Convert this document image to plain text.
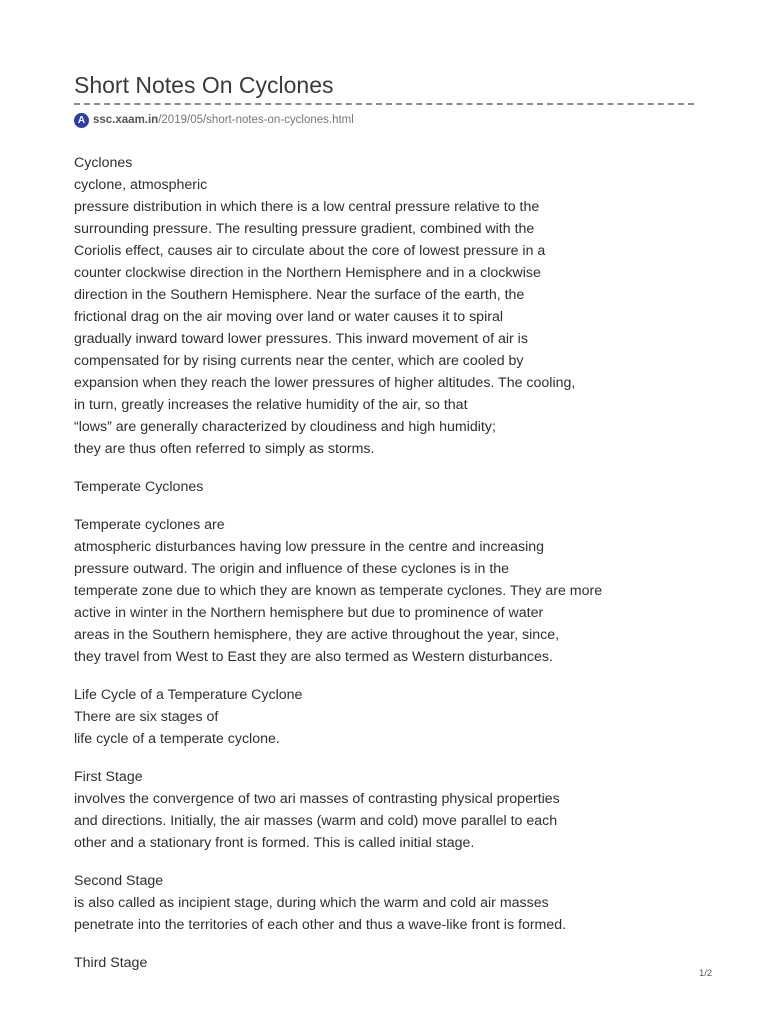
Short Notes On Cyclones
A ssc.xaam.in /2019/05/short-notes-on-cyclones.html
Cyclones
cyclone, atmospheric
pressure distribution in which there is a low central pressure relative to the
surrounding pressure. The resulting pressure gradient, combined with the
Coriolis effect, causes air to circulate about the core of lowest pressure in a
counter clockwise direction in the Northern Hemisphere and in a clockwise
direction in the Southern Hemisphere. Near the surface of the earth, the
frictional drag on the air moving over land or water causes it to spiral
gradually inward toward lower pressures. This inward movement of air is
compensated for by rising currents near the center, which are cooled by
expansion when they reach the lower pressures of higher altitudes. The cooling,
in turn, greatly increases the relative humidity of the air, so that
“lows” are generally characterized by cloudiness and high humidity;
they are thus often referred to simply as storms.
Temperate Cyclones
Temperate cyclones are
atmospheric disturbances having low pressure in the centre and increasing
pressure outward. The origin and influence of these cyclones is in the
temperate zone due to which they are known as temperate cyclones. They are more
active in winter in the Northern hemisphere but due to prominence of water
areas in the Southern hemisphere, they are active throughout the year, since,
they travel from West to East they are also termed as Western disturbances.
Life Cycle of a Temperature Cyclone
There are six stages of
life cycle of a temperate cyclone.
First Stage
involves the convergence of two ari masses of contrasting physical properties
and directions. Initially, the air masses (warm and cold) move parallel to each
other and a stationary front is formed. This is called initial stage.
Second Stage
is also called as incipient stage, during which the warm and cold air masses
penetrate into the territories of each other and thus a wave-like front is formed.
Third Stage
1/2
